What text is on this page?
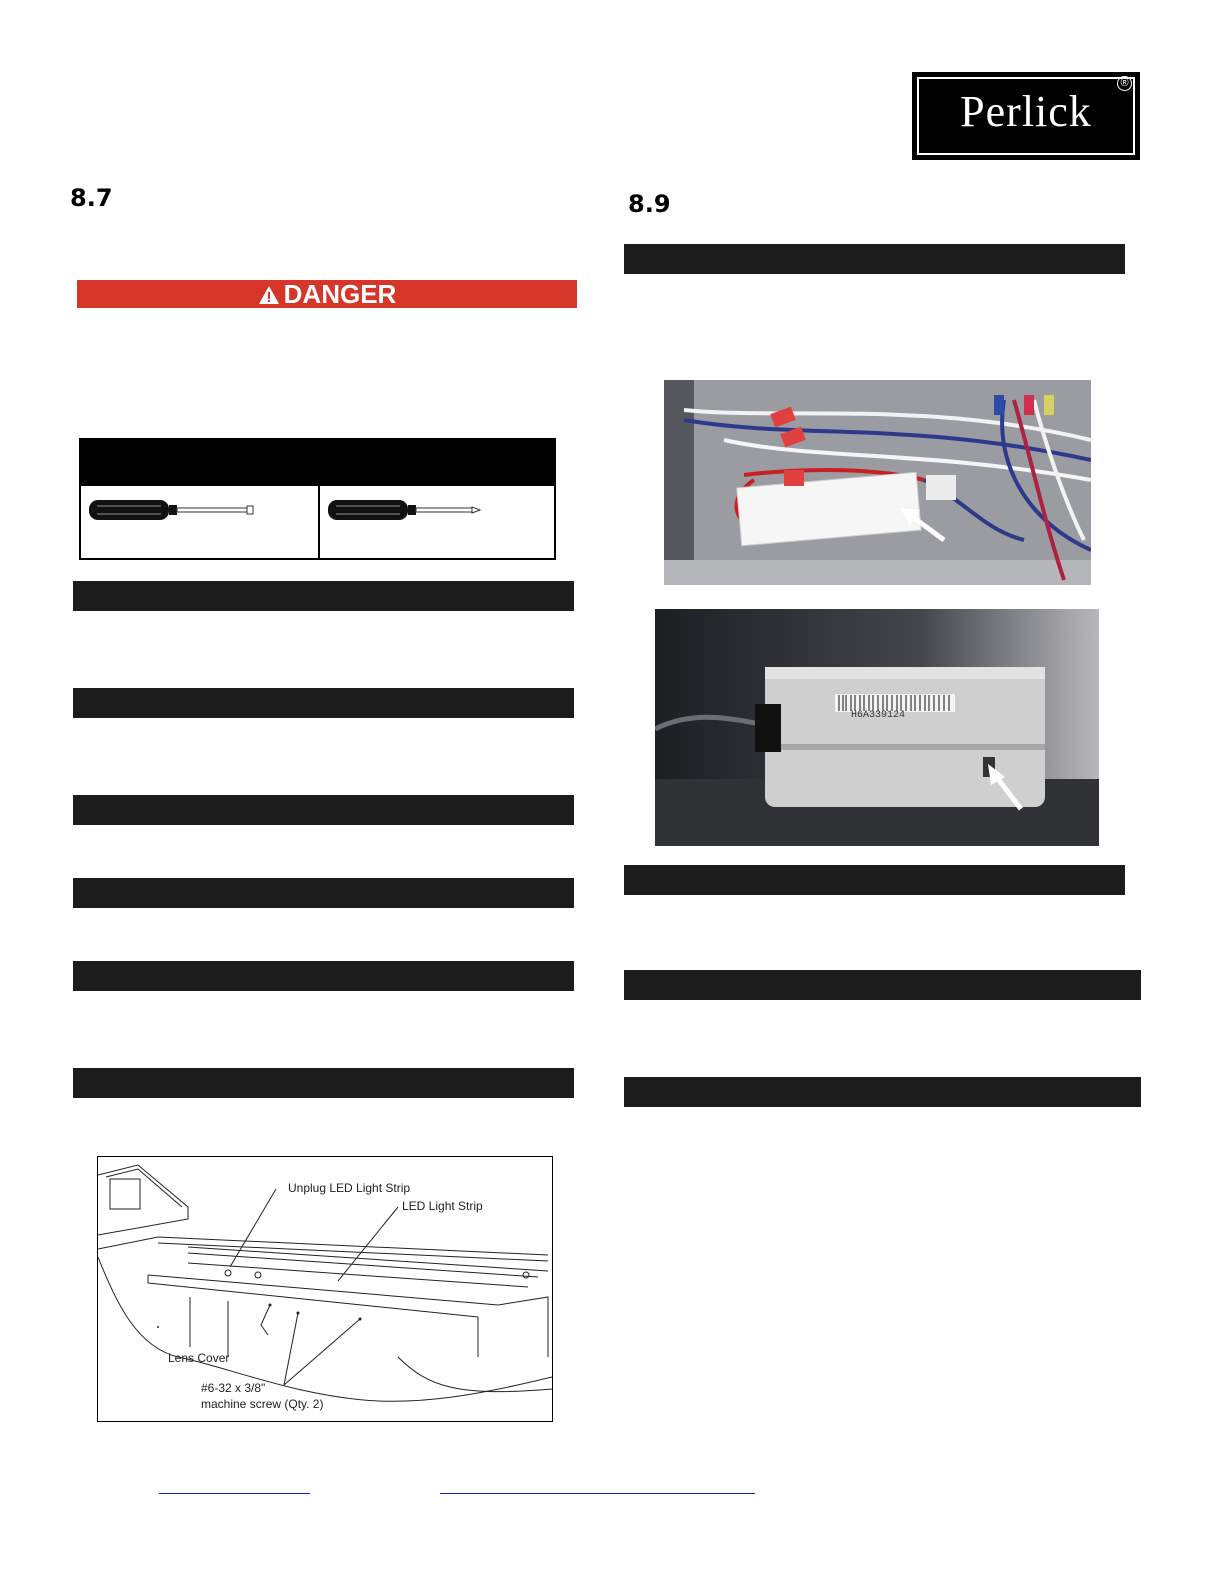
Perlick
®
8.7
DANGER
Unplug LED Light Strip
LED Light Strip
Lens Cover
#6-32 x 3/8"
machine screw (Qty. 2)
8.9
H6A339124
